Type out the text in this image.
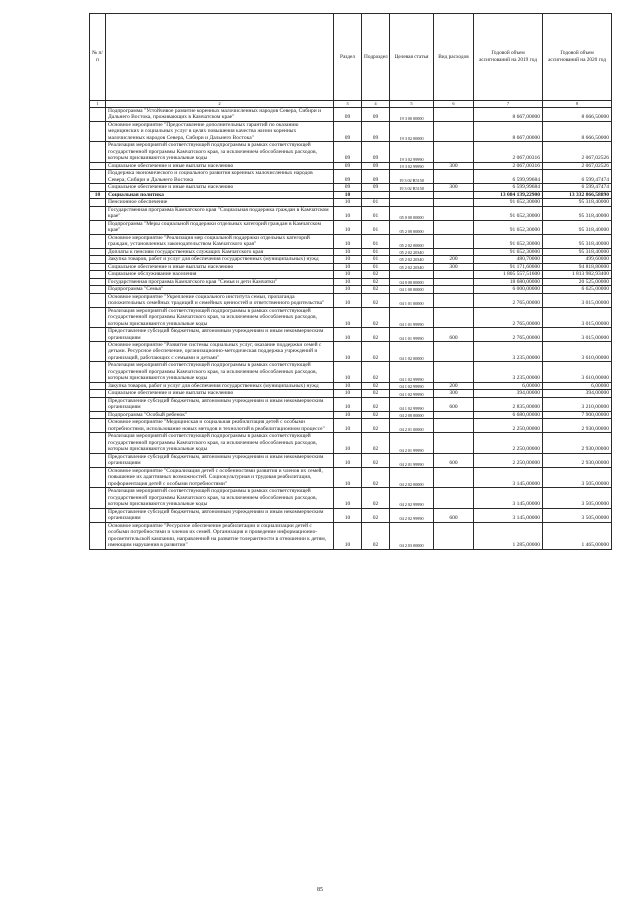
№ п/п		Раздел	Подраздел	Целевая статья	Вид расходов	Годовой объем ассигнований на 2019 год	Годовой объем ассигнований на 2020 год
1	2	3	4	5	6	7	8
	Подпрограмма "Устойчивое развитие коренных малочисленных народов Севера, Сибири и Дальнего Востока, проживающих в Камчатском крае"	09	09	19 3 00 00000		8 667,00000	8 666,50000
	Основное мероприятие "Предоставление дополнительных гарантий по оказанию медицинских и социальных услуг в целях повышения качества жизни коренных малочисленных народов Севера, Сибири и Дальнего Востока"	09	09	19 3 02 00000		8 667,00000	8 666,50000
	Реализация мероприятий соответствующей подпрограммы в рамках соответствующей государственной программы Камчатского края, за исключением обособленных расходов, которым присваиваются уникальные коды	09	09	19 3 02 99990		2 067,00316	2 067,02526
	Социальное обеспечение и иные выплаты населению	09	09	19 3 02 99990	300	2 067,00316	2 067,02526
	Поддержка экономического и социального развития коренных малочисленных народов Севера, Сибири и Дальнего Востока	09	09	19 3 02 R5150		6 599,99684	6 599,47474
	Социальное обеспечение и иные выплаты населению	09	09	19 3 02 R5150	300	6 599,99684	6 599,47474
10	Социальная политика	10				13 084 139,22900	13 332 866,58890
	Пенсионное обеспечение	10	01			91 652,30000	95 318,40000
	Государственная программа Камчатского края "Социальная поддержка граждан в Камчатском крае"	10	01	05 0 00 00000		91 652,30000	95 318,40000
	Подпрограмма "Меры социальной поддержки отдельных категорий граждан в Камчатском крае"	10	01	05 2 00 00000		91 652,30000	95 318,40000
	Основное мероприятие "Реализация мер социальной поддержки отдельных категорий граждан, установленных законодательством Камчатского края"	10	01	05 2 02 00000		91 652,30000	95 318,40000
	Доплаты к пенсиям государственных служащих Камчатского края	10	01	05 2 02 20340		91 652,30000	95 318,40000
	Закупка товаров, работ и услуг для обеспечения государственных (муниципальных) нужд	10	01	05 2 02 20340	200	480,70000	499,60000
	Социальное обеспечение и иные выплаты населению	10	01	05 2 02 20340	300	91 171,60000	94 818,80000
	Социальное обслуживание населения	10	02			1 805 557,51600	1 813 982,93400
	Государственная программа Камчатского края "Семья и дети Камчатки"	10	02	04 0 00 00000		18 680,00000	20 525,00000
	Подпрограмма "Семья"	10	02	04 1 00 00000		6 000,00000	6 625,00000
	Основное мероприятие "Укрепление социального института семьи, пропаганда положительных семейных традиций и семейных ценностей и ответственного родительства"	10	02	04 1 01 00000		2 765,00000	3 015,00000
	Реализация мероприятий соответствующей подпрограммы в рамках соответствующей государственной программы Камчатского края, за исключением обособленных расходов, которым присваиваются уникальные коды	10	02	04 1 01 99990		2 765,00000	3 015,00000
	Предоставление субсидий бюджетным, автономным учреждениям и иным некоммерческим организациям	10	02	04 1 01 99990	600	2 765,00000	3 015,00000
	Основное мероприятие "Развитие системы социальных услуг, оказание поддержки семей с детьми. Ресурсное обеспечение, организационно-методическая поддержка учреждений и организаций, работающих с семьями и детьми"	10	02	04 1 02 00000		3 235,00000	3 610,00000
	Реализация мероприятий соответствующей подпрограммы в рамках соответствующей государственной программы Камчатского края, за исключением обособленных расходов, которым присваиваются уникальные коды	10	02	04 1 02 99990		3 235,00000	3 610,00000
	Закупка товаров, работ и услуг для обеспечения государственных (муниципальных) нужд	10	02	04 1 02 99990	200	6,00000	6,00000
	Социальное обеспечение и иные выплаты населению	10	02	04 1 02 99990	300	394,00000	394,00000
	Предоставление субсидий бюджетным, автономным учреждениям и иным некоммерческим организациям	10	02	04 1 02 99990	600	2 835,00000	3 210,00000
	Подпрограмма "Особый ребенок"	10	02	04 2 00 00000		6 680,00000	7 900,00000
	Основное мероприятие "Медицинская и социальная реабилитация детей с особыми потребностями, использование новых методов и технологий в реабилитационном процессе"	10	02	04 2 01 00000		2 250,00000	2 930,00000
	Реализация мероприятий соответствующей подпрограммы в рамках соответствующей государственной программы Камчатского края, за исключением обособленных расходов, которым присваиваются уникальные коды	10	02	04 2 01 99990		2 250,00000	2 930,00000
	Предоставление субсидий бюджетным, автономным учреждениям и иным некоммерческим организациям	10	02	04 2 01 99990	600	2 250,00000	2 930,00000
	Основное мероприятие "Социализация детей с особенностями развития и членов их семей, повышение их адаптивных возможностей. Социокультурная и трудовая реабилитация, профориентация детей с особыми потребностями"	10	02	04 2 02 00000		3 145,00000	3 505,00000
	Реализация мероприятий соответствующей подпрограммы в рамках соответствующей государственной программы Камчатского края, за исключением обособленных расходов, которым присваиваются уникальные коды	10	02	04 2 02 99990		3 145,00000	3 505,00000
	Предоставление субсидий бюджетным, автономным учреждениям и иным некоммерческим организациям	10	02	04 2 02 99990	600	3 145,00000	3 505,00000
	Основное мероприятие "Ресурсное обеспечение реабилитации и социализации детей с особыми потребностями и членов их семей. Организация и проведение информационно-просветительской кампании, направленной на развитие толерантности в отношении к детям, имеющим нарушения в развитии"	10	02	04 2 03 00000		1 285,00000	1 465,00000
85
